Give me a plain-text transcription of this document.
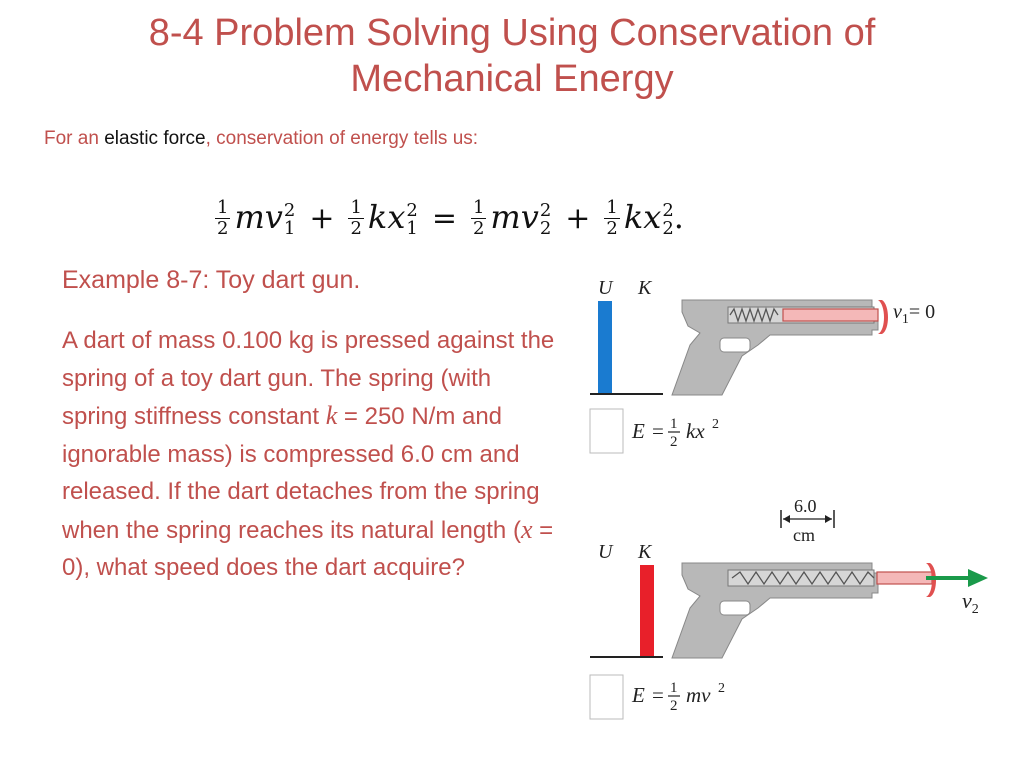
8-4 Problem Solving Using Conservation of
Mechanical Energy
For an elastic force, conservation of energy tells us:
$\frac{1}{2}$ mv 2
$1 + \frac{1}{2}$ kx 2
$1 = \frac{1}{2}$ mv 2
$2 + \frac{1}{2}$ kx 2
2 .
Example 8-7: Toy dart gun.
A dart of mass 0.100 kg is pressed against the spring of a toy dart gun. The spring (with spring stiffness constant k = 250 N/m and ignorable mass) is compressed 6.0 cm and released. If the dart detaches from the spring when the spring reaches its natural length (x = 0), what speed does the dart acquire?
U K
$v_1= 0$
E = 1
2 kx 2
6.0
cm
U K
$v_2$
E = 1
2 mv 2
